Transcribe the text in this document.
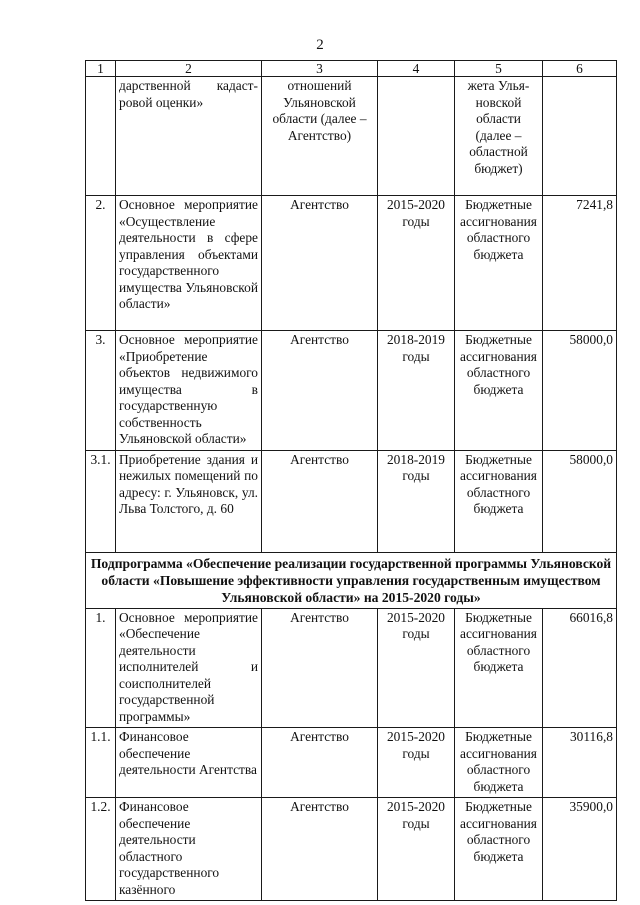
2
1	2	3	4	5	6
	дарственной кадаст-ровой оценки»	отношений Ульяновской области (далее – Агентство)		жета Улья-новской области (далее – областной бюджет)	
2.	Основное мероприятие «Осуществление деятельности в сфере управления объектами государственного имущества Ульяновской области»	Агентство	2015-2020 годы	Бюджетные ассигнования областного бюджета	7241,8
3.	Основное мероприятие «Приобретение объектов недвижимого имущества в государственную собственность Ульяновской области»	Агентство	2018-2019 годы	Бюджетные ассигнования областного бюджета	58000,0
3.1.	Приобретение здания и нежилых помещений по адресу: г. Ульяновск, ул. Льва Толстого, д. 60	Агентство	2018-2019 годы	Бюджетные ассигнования областного бюджета	58000,0
Подпрограмма «Обеспечение реализации государственной программы Ульяновской области «Повышение эффективности управления государственным имуществом Ульяновской области» на 2015-2020 годы»					
1.	Основное мероприятие «Обеспечение деятельности исполнителей и соисполнителей государственной программы»	Агентство	2015-2020 годы	Бюджетные ассигнования областного бюджета	66016,8
1.1.	Финансовое обеспечение деятельности Агентства	Агентство	2015-2020 годы	Бюджетные ассигнования областного бюджета	30116,8
1.2.	Финансовое обеспечение деятельности областного государственного казённого	Агентство	2015-2020 годы	Бюджетные ассигнования областного бюджета	35900,0
